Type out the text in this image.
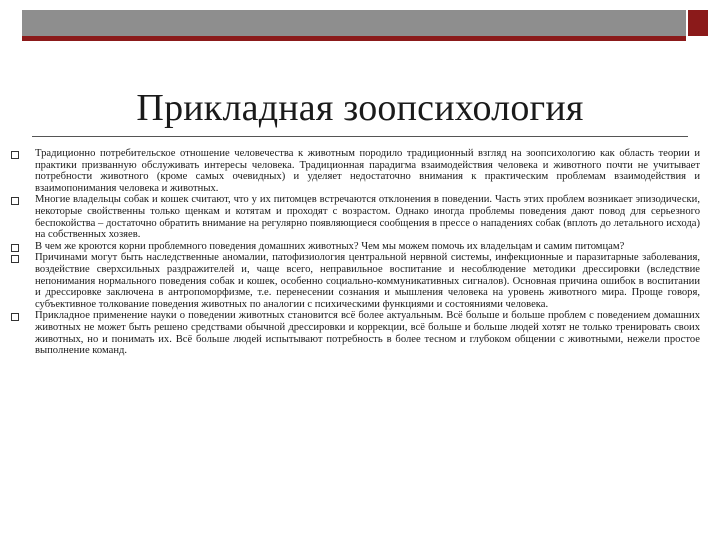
Прикладная зоопсихология
Традиционно потребительское отношение человечества к животным породило традиционный взгляд на зоопсихологию как область теории и практики призванную обслуживать интересы человека. Традиционная парадигма взаимодействия человека и животного почти не учитывает потребности животного (кроме самых очевидных) и уделяет недостаточно внимания к практическим проблемам взаимодействия и взаимопонимания человека и животных.
Многие владельцы собак и кошек считают, что у их питомцев встречаются отклонения в поведении. Часть этих проблем возникает эпизодически, некоторые свойственны только щенкам и котятам и проходят с возрастом. Однако иногда проблемы поведения дают повод для серьезного беспокойства – достаточно обратить внимание на регулярно появляющиеся сообщения в прессе о нападениях собак (вплоть до летального исхода) на собственных хозяев.
В чем же кроются корни проблемного поведения домашних животных? Чем мы можем помочь их владельцам и самим питомцам?
Причинами могут быть наследственные аномалии, патофизиология центральной нервной системы, инфекционные и паразитарные заболевания, воздействие сверхсильных раздражителей и, чаще всего, неправильное воспитание и несоблюдение методики дрессировки (вследствие непонимания нормального поведения собак и кошек, особенно социально-коммуникативных сигналов). Основная причина ошибок в воспитании и дрессировке заключена в антропоморфизме, т.е. перенесении сознания и мышления человека на уровень животного мира. Проще говоря, субъективное толкование поведения животных по аналогии с психическими функциями и состояниями человека.
Прикладное применение науки о поведении животных становится всё более актуальным. Всё больше и больше проблем с поведением домашних животных не может быть решено средствами обычной дрессировки и коррекции, всё больше и больше людей хотят не только тренировать своих животных, но и понимать их. Всё больше людей испытывают потребность в более тесном и глубоком общении с животными, нежели простое выполнение команд.
